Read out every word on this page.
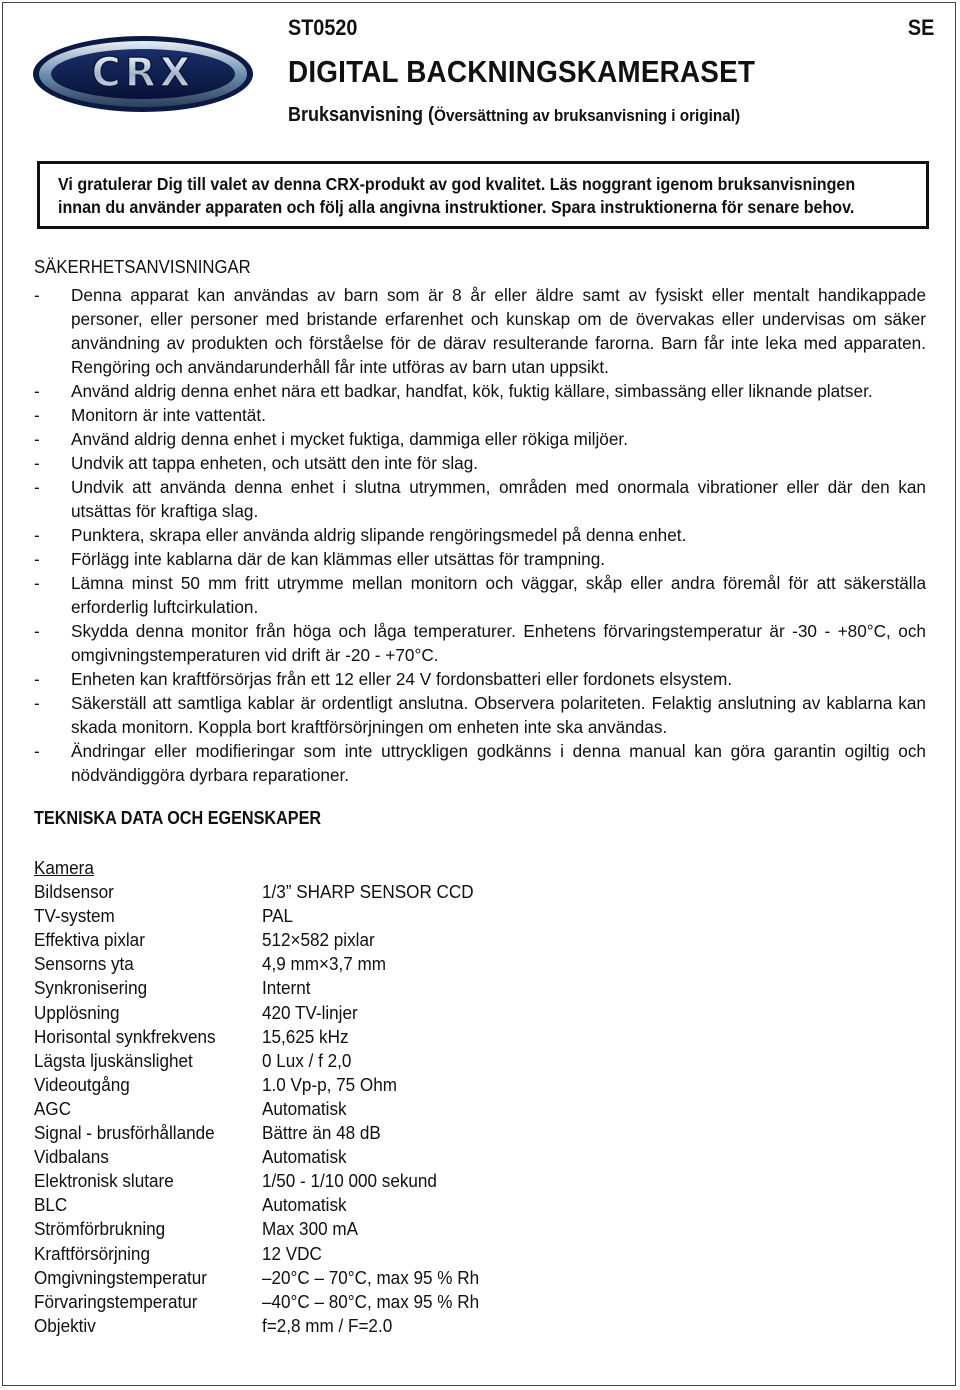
CRX
ST0520	SE
DIGITAL BACKNINGSKAMERASET
Bruksanvisning (Översättning av bruksanvisning i original)
Vi gratulerar Dig till valet av denna CRX-produkt av god kvalitet. Läs noggrant igenom bruksanvisningen
innan du använder apparaten och följ alla angivna instruktioner. Spara instruktionerna för senare behov.
SÄKERHETSANVISNINGAR
- Denna apparat kan användas av barn som är 8 år eller äldre samt av fysiskt eller mentalt handikappade personer, eller personer med bristande erfarenhet och kunskap om de övervakas eller undervisas om säker användning av produkten och förståelse för de därav resulterande farorna. Barn får inte leka med apparaten. Rengöring och användarunderhåll får inte utföras av barn utan uppsikt.
- Använd aldrig denna enhet nära ett badkar, handfat, kök, fuktig källare, simbassäng eller liknande platser.
- Monitorn är inte vattentät.
- Använd aldrig denna enhet i mycket fuktiga, dammiga eller rökiga miljöer.
- Undvik att tappa enheten, och utsätt den inte för slag.
- Undvik att använda denna enhet i slutna utrymmen, områden med onormala vibrationer eller där den kan utsättas för kraftiga slag.
- Punktera, skrapa eller använda aldrig slipande rengöringsmedel på denna enhet.
- Förlägg inte kablarna där de kan klämmas eller utsättas för trampning.
- Lämna minst 50 mm fritt utrymme mellan monitorn och väggar, skåp eller andra föremål för att säkerställa erforderlig luftcirkulation.
- Skydda denna monitor från höga och låga temperaturer. Enhetens förvaringstemperatur är -30 - +80°C, och omgivningstemperaturen vid drift är -20 - +70°C.
- Enheten kan kraftförsörjas från ett 12 eller 24 V fordonsbatteri eller fordonets elsystem.
- Säkerställ att samtliga kablar är ordentligt anslutna. Observera polariteten. Felaktig anslutning av kablarna kan skada monitorn. Koppla bort kraftförsörjningen om enheten inte ska användas.
- Ändringar eller modifieringar som inte uttryckligen godkänns i denna manual kan göra garantin ogiltig och nödvändiggöra dyrbara reparationer.
TEKNISKA DATA OCH EGENSKAPER
Kamera
Bildsensor	1/3” SHARP SENSOR CCD
TV-system	PAL
Effektiva pixlar	512×582 pixlar
Sensorns yta	4,9 mm×3,7 mm
Synkronisering	Internt
Upplösning	420 TV-linjer
Horisontal synkfrekvens	15,625 kHz
Lägsta ljuskänslighet	0 Lux / f 2,0
Videoutgång	1.0 Vp-p, 75 Ohm
AGC	Automatisk
Signal - brusförhållande	Bättre än 48 dB
Vidbalans	Automatisk
Elektronisk slutare	1/50 - 1/10 000 sekund
BLC	Automatisk
Strömförbrukning	Max 300 mA
Kraftförsörjning	12 VDC
Omgivningstemperatur	–20°C – 70°C, max 95 % Rh
Förvaringstemperatur	–40°C – 80°C, max 95 % Rh
Objektiv	f=2,8 mm / F=2.0
